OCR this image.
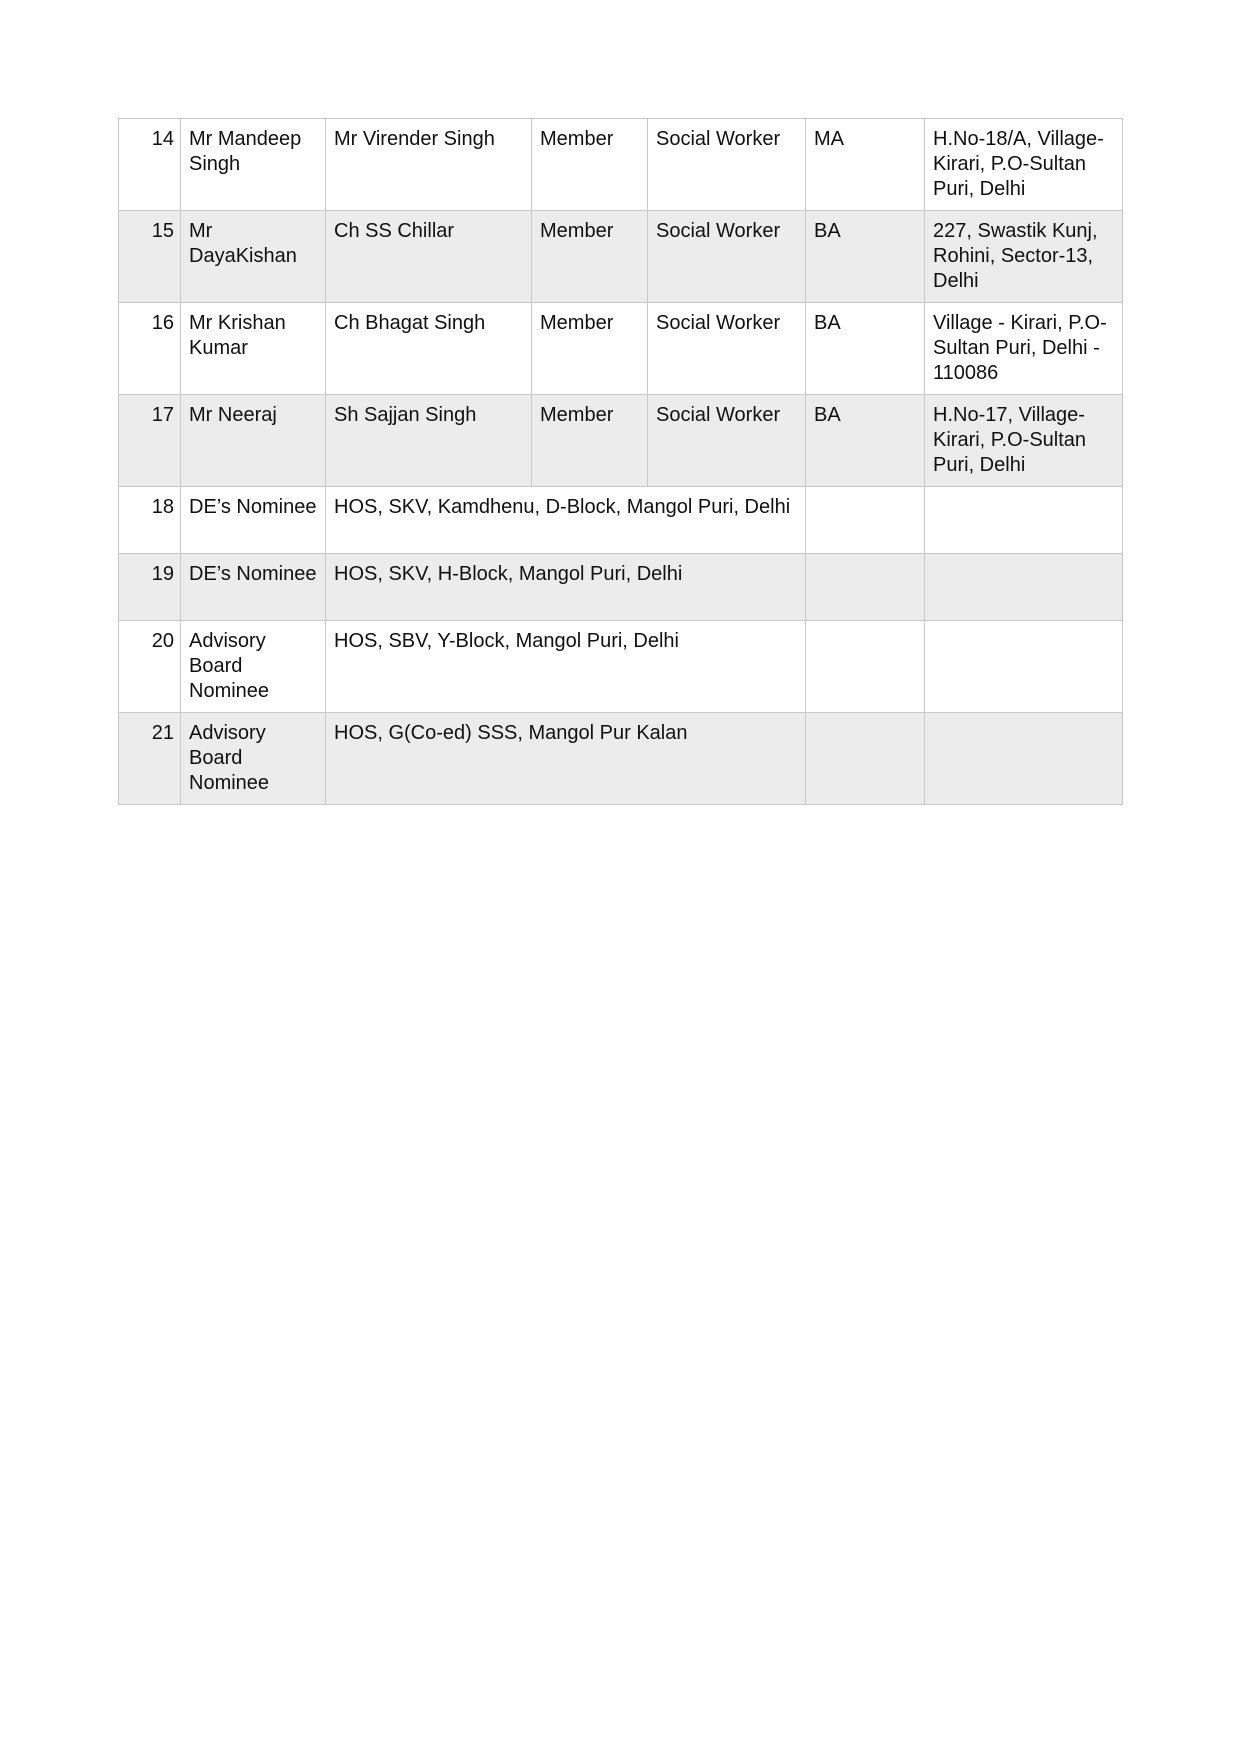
14	Mr Mandeep Singh	Mr Virender Singh	Member	Social Worker	MA	H.No-18/A, Village-Kirari, P.O-Sultan Puri, Delhi
15	Mr DayaKishan	Ch SS Chillar	Member	Social Worker	BA	227, Swastik Kunj, Rohini, Sector-13, Delhi
16	Mr Krishan Kumar	Ch Bhagat Singh	Member	Social Worker	BA	Village - Kirari, P.O-Sultan Puri, Delhi - 110086
17	Mr Neeraj	Sh Sajjan Singh	Member	Social Worker	BA	H.No-17, Village-Kirari, P.O-Sultan Puri, Delhi
18	DE’s Nominee	HOS, SKV, Kamdhenu, D-Block, Mangol Puri, Delhi				
19	DE’s Nominee	HOS, SKV, H-Block, Mangol Puri, Delhi				
20	Advisory Board Nominee	HOS, SBV, Y-Block, Mangol Puri, Delhi				
21	Advisory Board Nominee	HOS, G(Co-ed) SSS, Mangol Pur Kalan				
